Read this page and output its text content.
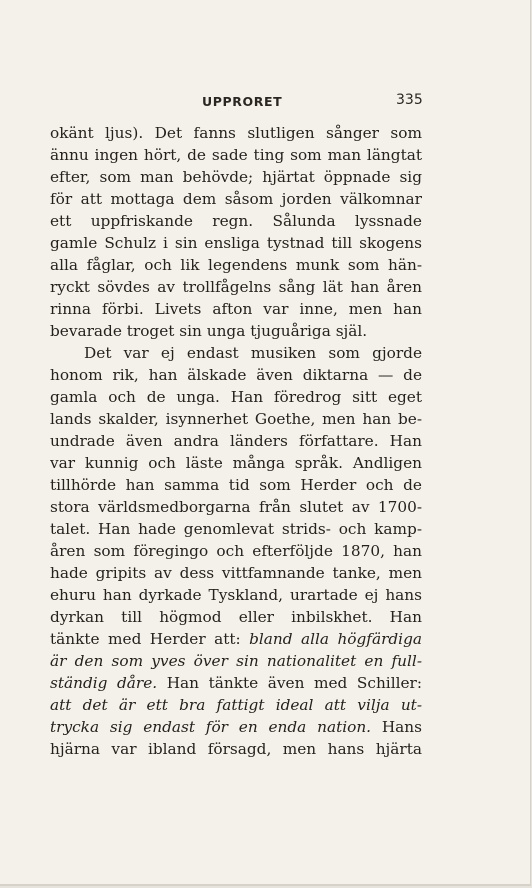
UPPRORET	335
okänt ljus). Det fanns slutligen sånger som
ännu ingen hört, de sade ting som man längtat
efter, som man behövde; hjärtat öppnade sig
för att mottaga dem såsom jorden välkomnar
ett uppfriskande regn. Sålunda lyssnade
gamle Schulz i sin ensliga tystnad till skogens
alla fåglar, och lik legendens munk som hän-
ryckt sövdes av trollfågelns sång lät han åren
rinna förbi. Livets afton var inne, men han
bevarade troget sin unga tjuguåriga själ.
Det var ej endast musiken som gjorde
honom rik, han älskade även diktarna — de
gamla och de unga. Han föredrog sitt eget
lands skalder, isynnerhet Goethe, men han be-
undrade även andra länders författare. Han
var kunnig och läste många språk. Andligen
tillhörde han samma tid som Herder och de
stora världsmedborgarna från slutet av 1700-
talet. Han hade genomlevat strids- och kamp-
åren som föregingo och efterföljde 1870, han
hade gripits av dess vittfamnande tanke, men
ehuru han dyrkade Tyskland, urartade ej hans
dyrkan till högmod eller inbilskhet. Han
tänkte med Herder att: bland alla högfärdiga
är den som yves över sin nationalitet en full-
ständig dåre. Han tänkte även med Schiller:
att det är ett bra fattigt ideal att vilja ut-
trycka sig endast för en enda nation. Hans
hjärna var ibland försagd, men hans hjärta
